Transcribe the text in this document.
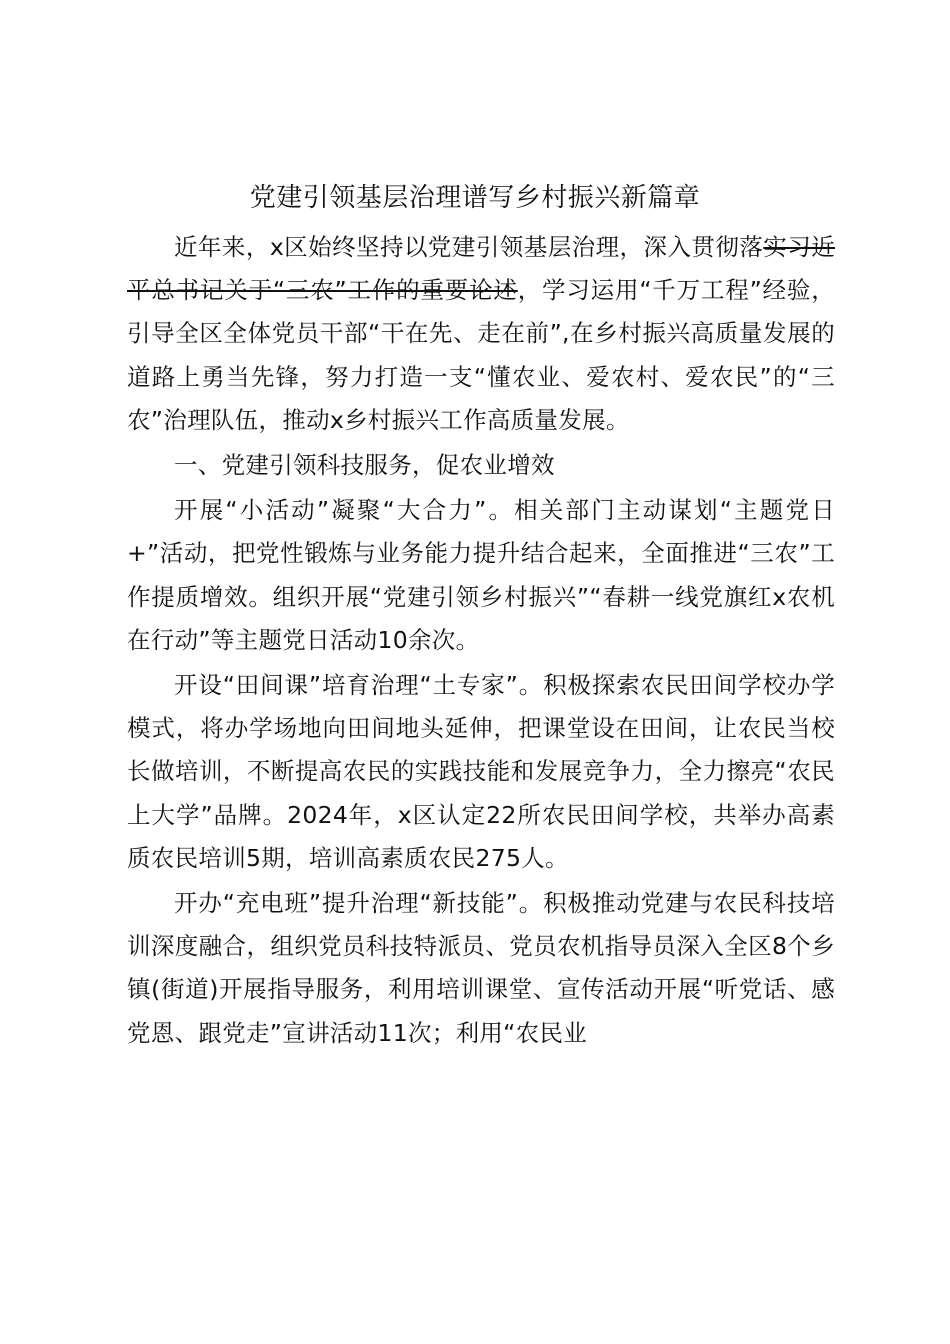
党建引领基层治理谱写乡村振兴新篇章

近年来，x区始终坚持以党建引领基层治理，深入贯彻落实习近平总书记关于“三农”工作的重要论述，学习运用“千万工程”经验，引导全区全体党员干部“干在先、走在前”,在乡村振兴高质量发展的道路上勇当先锋，努力打造一支“懂农业、爱农村、爱农民”的“三农”治理队伍，推动x乡村振兴工作高质量发展。

一、党建引领科技服务，促农业增效

开展“小活动”凝聚“大合力”。相关部门主动谋划“主题党日+”活动，把党性锻炼与业务能力提升结合起来，全面推进“三农”工作提质增效。组织开展“党建引领乡村振兴”“春耕一线党旗红x农机在行动”等主题党日活动10余次。

开设“田间课”培育治理“土专家”。积极探索农民田间学校办学模式，将办学场地向田间地头延伸，把课堂设在田间，让农民当校长做培训，不断提高农民的实践技能和发展竞争力，全力擦亮“农民上大学”品牌。2024年，x区认定22所农民田间学校，共举办高素质农民培训5期，培训高素质农民275人。

开办“充电班”提升治理“新技能”。积极推动党建与农民科技培训深度融合，组织党员科技特派员、党员农机指导员深入全区8个乡镇(街道)开展指导服务，利用培训课堂、宣传活动开展“听党话、感党恩、跟党走”宣讲活动11次；利用“农民业
